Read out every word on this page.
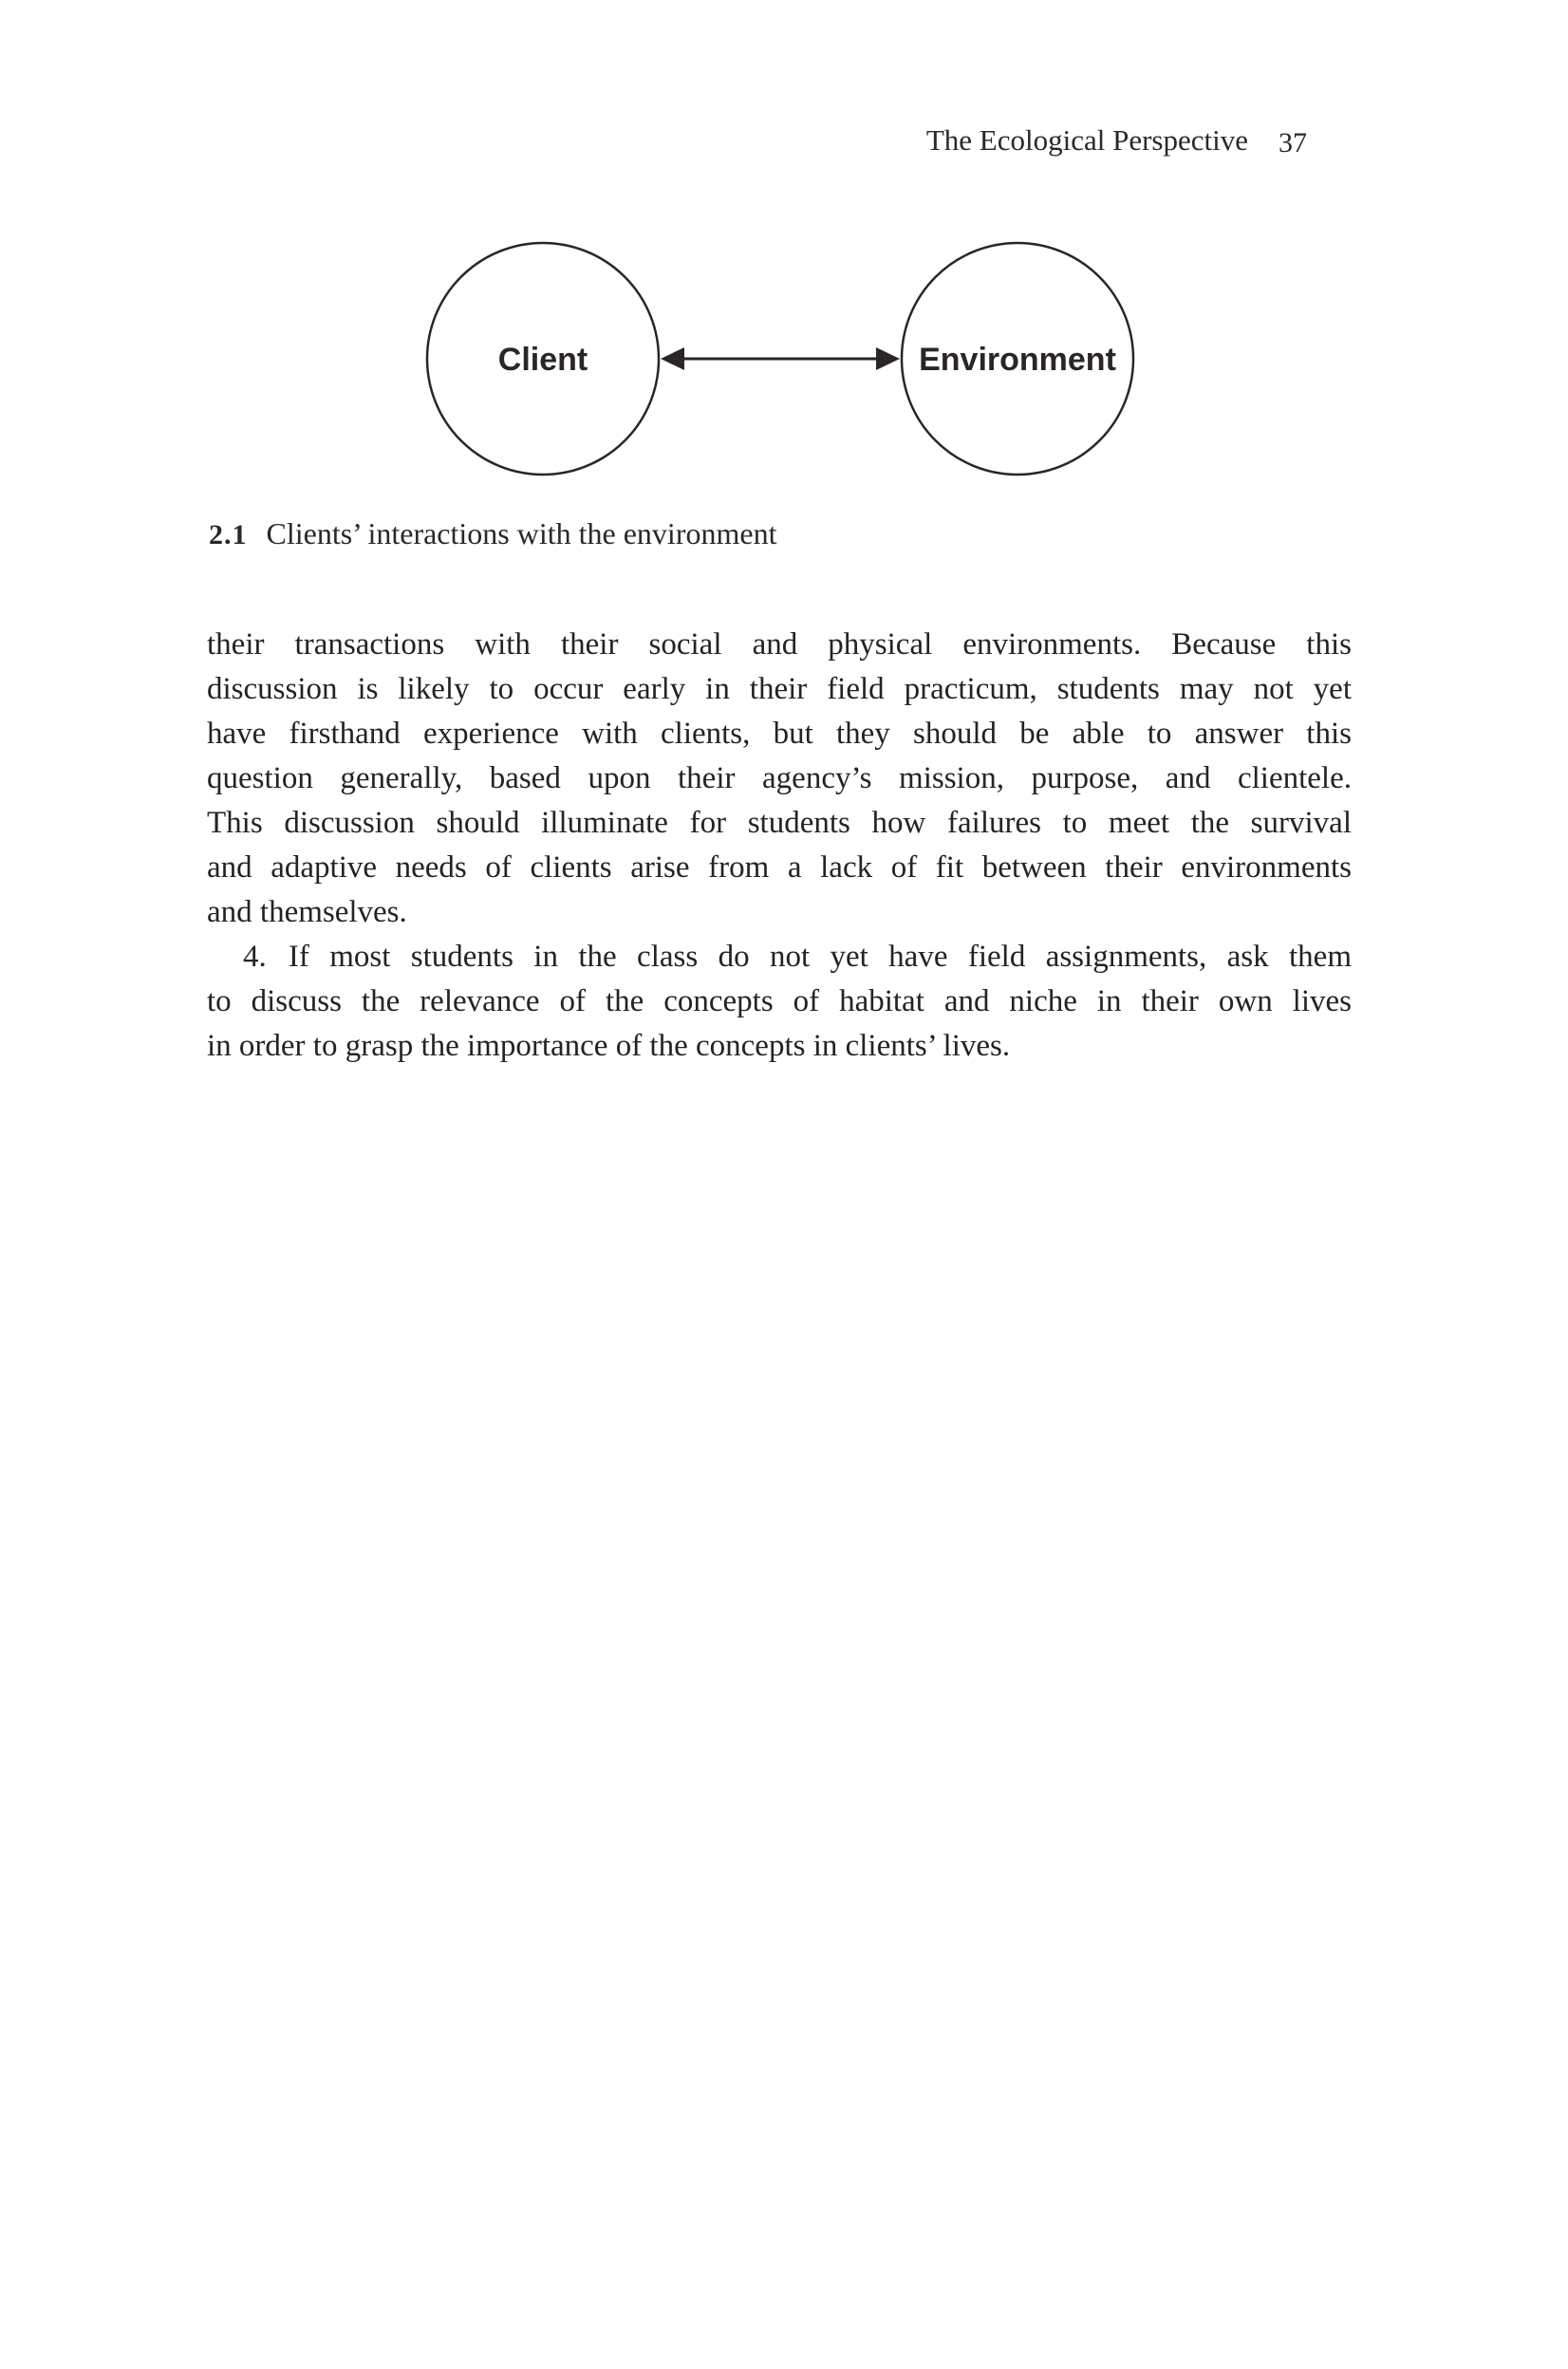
The Ecological Perspective 37
Client	Environment
2.1 Clients’ interactions with the environment
their transactions with their social and physical environments. Because this
discussion is likely to occur early in their field practicum, students may not yet
have firsthand experience with clients, but they should be able to answer this
question generally, based upon their agency’s mission, purpose, and clientele.
This discussion should illuminate for students how failures to meet the survival
and adaptive needs of clients arise from a lack of fit between their environments
and themselves.
4.  If most students in the class do not yet have field assignments, ask them
to discuss the relevance of the concepts of habitat and niche in their own lives
in order to grasp the importance of the concepts in clients’ lives.
